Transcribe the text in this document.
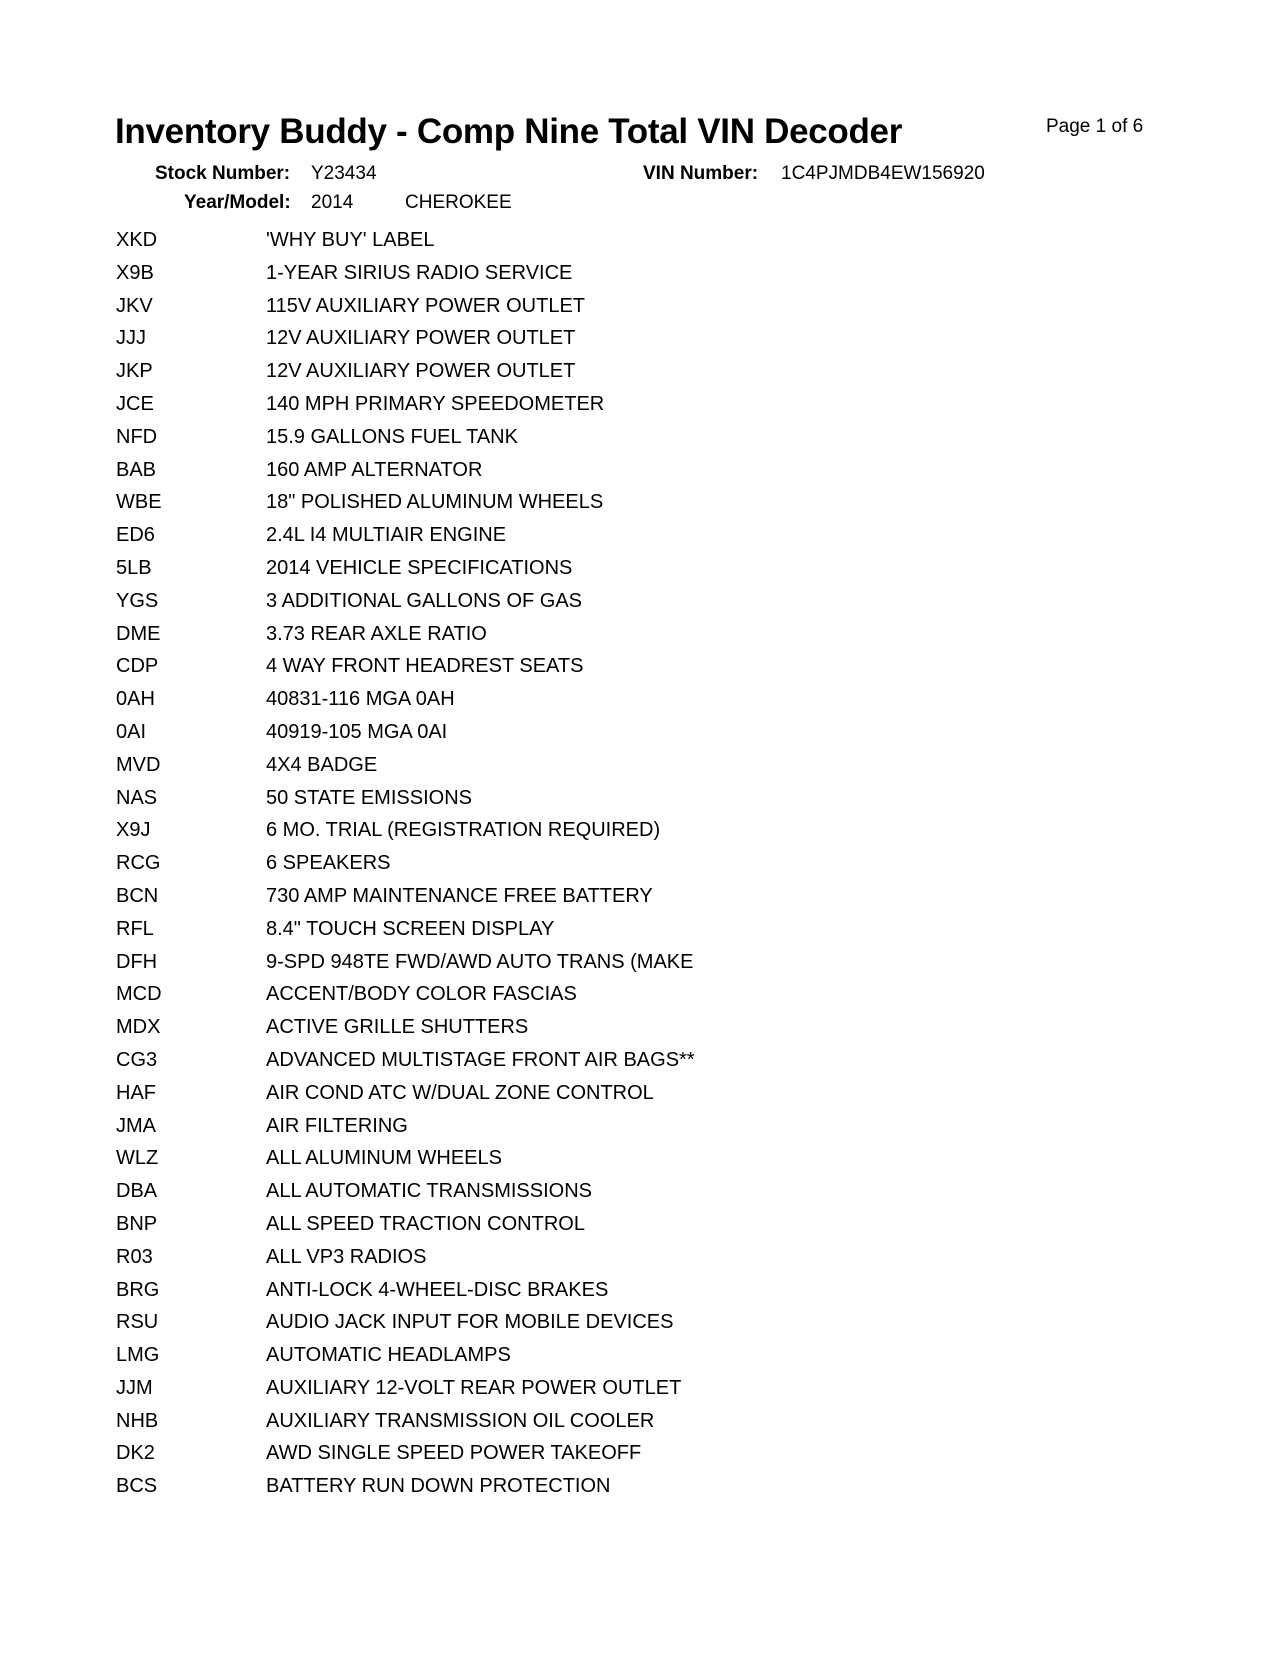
Inventory Buddy - Comp Nine Total VIN Decoder	Page 1 of 6
Stock Number: Y23434	VIN Number: 1C4PJMDB4EW156920
Year/Model: 2014	CHEROKEE
XKD	'WHY BUY' LABEL
X9B	1-YEAR SIRIUS RADIO SERVICE
JKV	115V AUXILIARY POWER OUTLET
JJJ	12V AUXILIARY POWER OUTLET
JKP	12V AUXILIARY POWER OUTLET
JCE	140 MPH PRIMARY SPEEDOMETER
NFD	15.9 GALLONS FUEL TANK
BAB	160 AMP ALTERNATOR
WBE	18" POLISHED ALUMINUM WHEELS
ED6	2.4L I4 MULTIAIR ENGINE
5LB	2014 VEHICLE SPECIFICATIONS
YGS	3 ADDITIONAL GALLONS OF GAS
DME	3.73 REAR AXLE RATIO
CDP	4 WAY FRONT HEADREST SEATS
0AH	40831-116 MGA 0AH
0AI	40919-105 MGA 0AI
MVD	4X4 BADGE
NAS	50 STATE EMISSIONS
X9J	6 MO. TRIAL (REGISTRATION REQUIRED)
RCG	6 SPEAKERS
BCN	730 AMP MAINTENANCE FREE BATTERY
RFL	8.4" TOUCH SCREEN DISPLAY
DFH	9-SPD 948TE FWD/AWD AUTO TRANS (MAKE
MCD	ACCENT/BODY COLOR FASCIAS
MDX	ACTIVE GRILLE SHUTTERS
CG3	ADVANCED MULTISTAGE FRONT AIR BAGS**
HAF	AIR COND ATC W/DUAL ZONE CONTROL
JMA	AIR FILTERING
WLZ	ALL ALUMINUM WHEELS
DBA	ALL AUTOMATIC TRANSMISSIONS
BNP	ALL SPEED TRACTION CONTROL
R03	ALL VP3 RADIOS
BRG	ANTI-LOCK 4-WHEEL-DISC BRAKES
RSU	AUDIO JACK INPUT FOR MOBILE DEVICES
LMG	AUTOMATIC HEADLAMPS
JJM	AUXILIARY 12-VOLT REAR POWER OUTLET
NHB	AUXILIARY TRANSMISSION OIL COOLER
DK2	AWD SINGLE SPEED POWER TAKEOFF
BCS	BATTERY RUN DOWN PROTECTION
